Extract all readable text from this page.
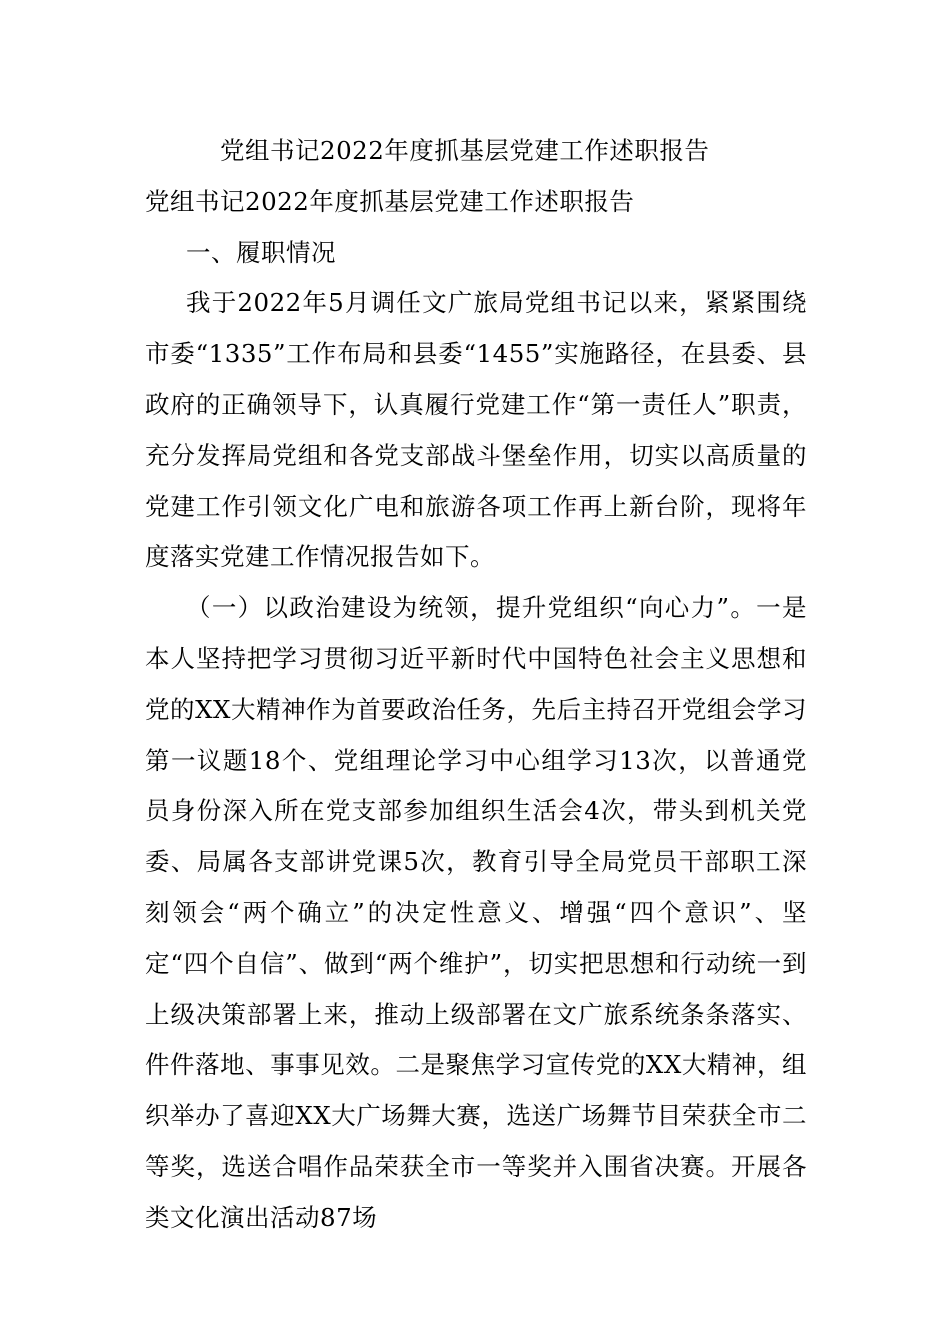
党组书记2022年度抓基层党建工作述职报告

党组书记2022年度抓基层党建工作述职报告

一、履职情况

我于2022年5月调任文广旅局党组书记以来，紧紧围绕市委“1335”工作布局和县委“1455”实施路径，在县委、县政府的正确领导下，认真履行党建工作“第一责任人”职责，充分发挥局党组和各党支部战斗堡垒作用，切实以高质量的党建工作引领文化广电和旅游各项工作再上新台阶，现将年度落实党建工作情况报告如下。

（一）以政治建设为统领，提升党组织“向心力”。一是本人坚持把学习贯彻习近平新时代中国特色社会主义思想和党的XX大精神作为首要政治任务，先后主持召开党组会学习第一议题18个、党组理论学习中心组学习13次，以普通党员身份深入所在党支部参加组织生活会4次，带头到机关党委、局属各支部讲党课5次，教育引导全局党员干部职工深刻领会“两个确立”的决定性意义、增强“四个意识”、坚定“四个自信”、做到“两个维护”，切实把思想和行动统一到上级决策部署上来，推动上级部署在文广旅系统条条落实、件件落地、事事见效。二是聚焦学习宣传党的XX大精神，组织举办了喜迎XX大广场舞大赛，选送广场舞节目荣获全市二等奖，选送合唱作品荣获全市一等奖并入围省决赛。开展各类文化演出活动87场
